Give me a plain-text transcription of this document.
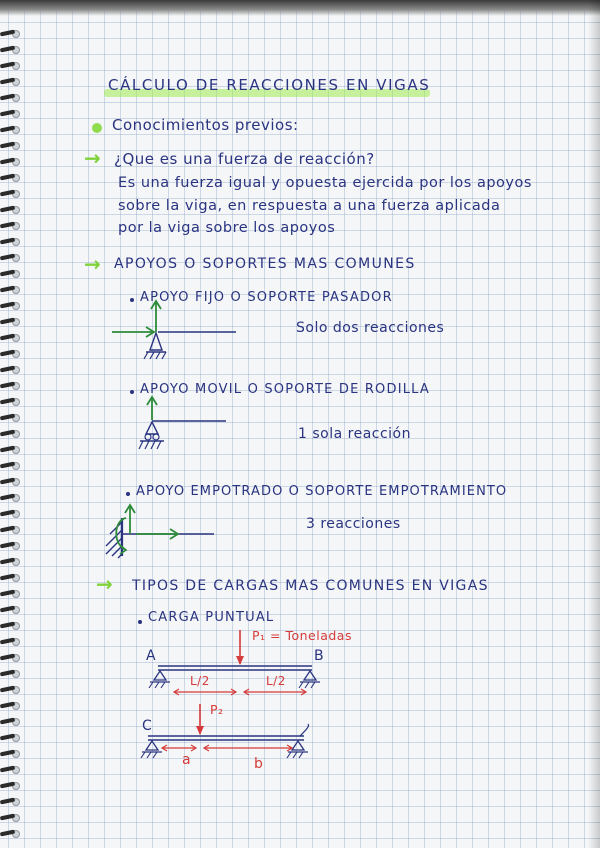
CÁLCULO DE REACCIONES EN VIGAS

Conocimientos previos:

→ ¿Que es una fuerza de reacción?

Es una fuerza igual y opuesta ejercida por los apoyos

sobre la viga, en respuesta a una fuerza aplicada

por la viga sobre los apoyos

→ APOYOS O SOPORTES MAS COMUNES

APOYO FIJO O SOPORTE PASADOR

Solo dos reacciones

APOYO MOVIL O SOPORTE DE RODILLA

1 sola reacción

APOYO EMPOTRADO O SOPORTE EMPOTRAMIENTO

3 reacciones

→ TIPOS DE CARGAS MAS COMUNES EN VIGAS

CARGA PUNTUAL

P₁ = Toneladas

A	B

L/2	L/2

P₂

C

a	b
